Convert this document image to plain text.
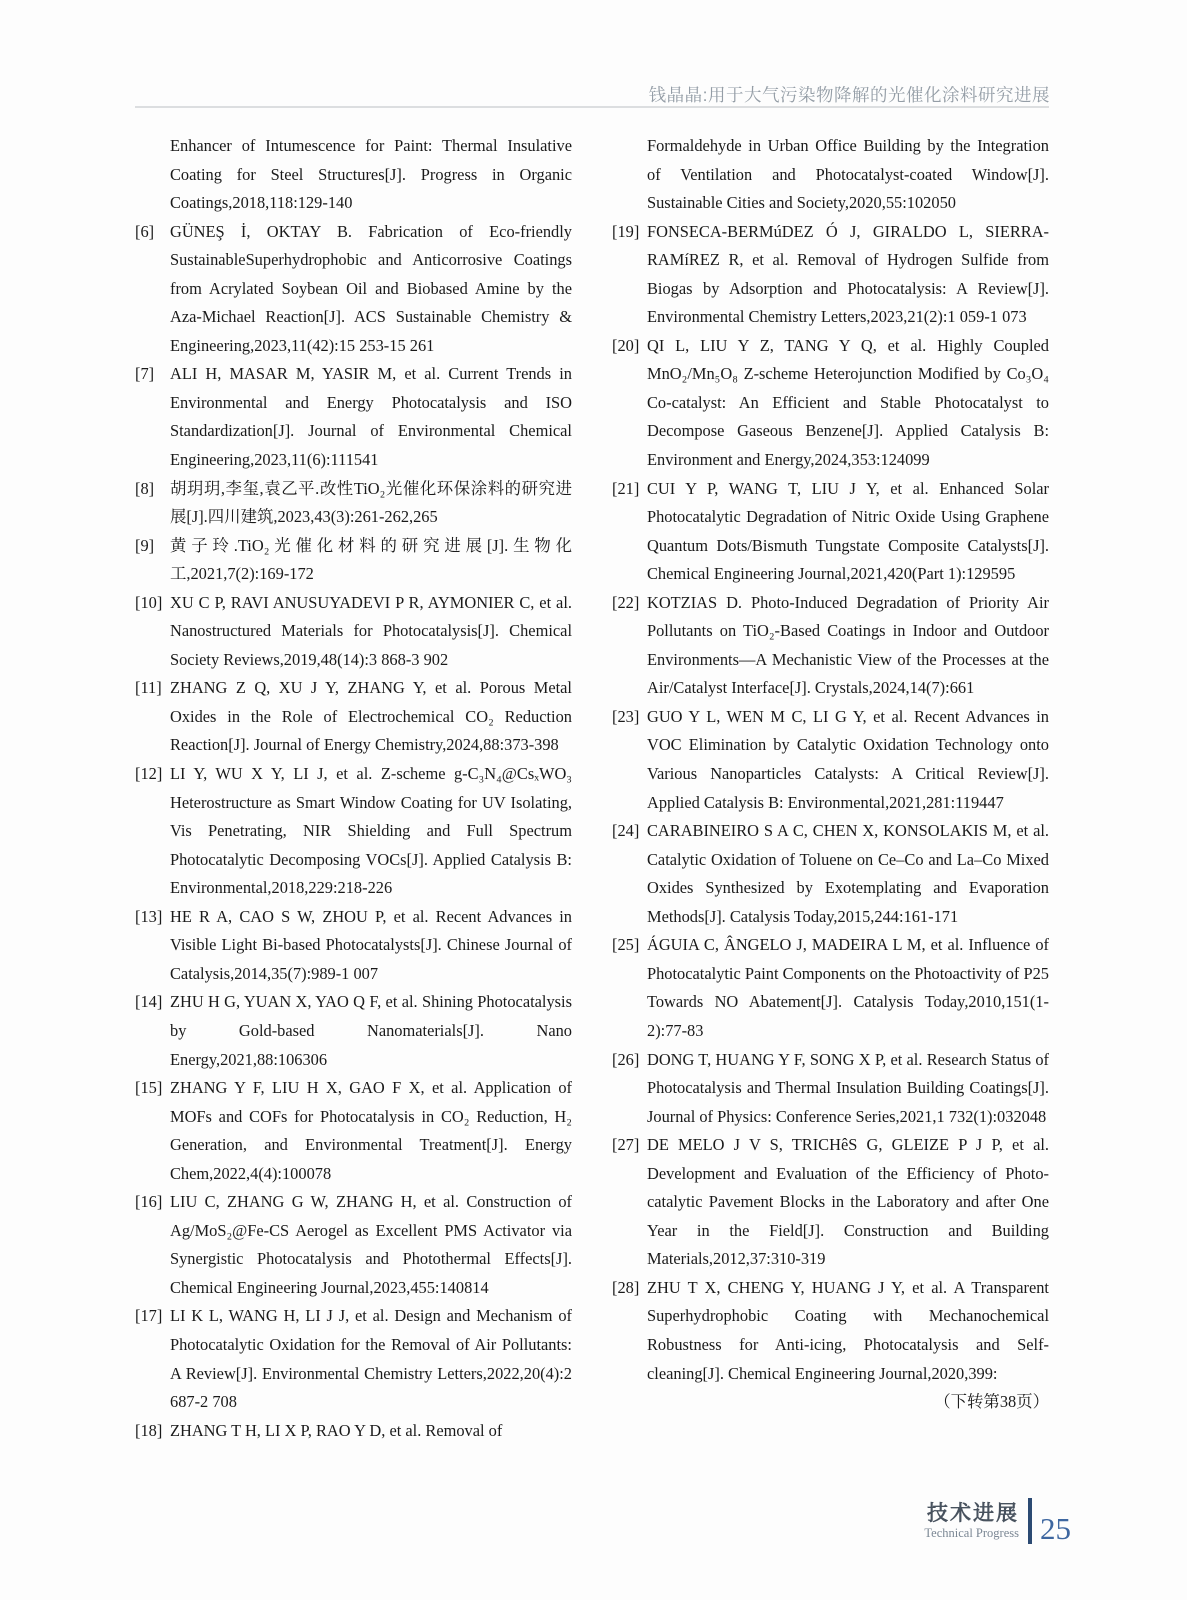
钱晶晶:用于大气污染物降解的光催化涂料研究进展
Enhancer of Intumescence for Paint: Thermal Insulative Coating for Steel Structures[J]. Progress in Organic Coatings,2018,118:129-140
[6] GÜNEŞ İ, OKTAY B. Fabrication of Eco-friendly SustainableSuperhydrophobic and Anticorrosive Coatings from Acrylated Soybean Oil and Biobased Amine by the Aza-Michael Reaction[J]. ACS Sustainable Chemistry & Engineering,2023,11(42):15 253-15 261
[7] ALI H, MASAR M, YASIR M, et al. Current Trends in Environmental and Energy Photocatalysis and ISO Standardization[J]. Journal of Environmental Chemical Engineering,2023,11(6):111541
[8] 胡玥玥,李玺,袁乙平.改性TiO₂光催化环保涂料的研究进展[J].四川建筑,2023,43(3):261-262,265
[9] 黄子玲.TiO₂光催化材料的研究进展[J].生物化工,2021,7(2):169-172
[10] XU C P, RAVI ANUSUYADEVI P R, AYMONIER C, et al. Nanostructured Materials for Photocatalysis[J]. Chemical Society Reviews,2019,48(14):3 868-3 902
[11] ZHANG Z Q, XU J Y, ZHANG Y, et al. Porous Metal Oxides in the Role of Electrochemical CO₂ Reduction Reaction[J]. Journal of Energy Chemistry,2024,88:373-398
[12] LI Y, WU X Y, LI J, et al. Z-scheme g-C₃N₄@CsₓWO₃ Heterostructure as Smart Window Coating for UV Isolating, Vis Penetrating, NIR Shielding and Full Spectrum Photocatalytic Decomposing VOCs[J]. Applied Catalysis B: Environmental,2018,229:218-226
[13] HE R A, CAO S W, ZHOU P, et al. Recent Advances in Visible Light Bi-based Photocatalysts[J]. Chinese Journal of Catalysis,2014,35(7):989-1 007
[14] ZHU H G, YUAN X, YAO Q F, et al. Shining Photocatalysis by Gold-based Nanomaterials[J]. Nano Energy,2021,88:106306
[15] ZHANG Y F, LIU H X, GAO F X, et al. Application of MOFs and COFs for Photocatalysis in CO₂ Reduction, H₂ Generation, and Environmental Treatment[J]. Energy Chem,2022,4(4):100078
[16] LIU C, ZHANG G W, ZHANG H, et al. Construction of Ag/MoS₂@Fe-CS Aerogel as Excellent PMS Activator via Synergistic Photocatalysis and Photothermal Effects[J]. Chemical Engineering Journal,2023,455:140814
[17] LI K L, WANG H, LI J J, et al. Design and Mechanism of Photocatalytic Oxidation for the Removal of Air Pollutants: A Review[J]. Environmental Chemistry Letters,2022,20(4):2 687-2 708
[18] ZHANG T H, LI X P, RAO Y D, et al. Removal of
Formaldehyde in Urban Office Building by the Integration of Ventilation and Photocatalyst-coated Window[J]. Sustainable Cities and Society,2020,55:102050
[19] FONSECA-BERMúDEZ Ó J, GIRALDO L, SIERRA-RAMíREZ R, et al. Removal of Hydrogen Sulfide from Biogas by Adsorption and Photocatalysis: A Review[J]. Environmental Chemistry Letters,2023,21(2):1 059-1 073
[20] QI L, LIU Y Z, TANG Y Q, et al. Highly Coupled MnO₂/Mn₅O₈ Z-scheme Heterojunction Modified by Co₃O₄ Co-catalyst: An Efficient and Stable Photocatalyst to Decompose Gaseous Benzene[J]. Applied Catalysis B: Environment and Energy,2024,353:124099
[21] CUI Y P, WANG T, LIU J Y, et al. Enhanced Solar Photocatalytic Degradation of Nitric Oxide Using Graphene Quantum Dots/Bismuth Tungstate Composite Catalysts[J]. Chemical Engineering Journal,2021,420(Part 1):129595
[22] KOTZIAS D. Photo-Induced Degradation of Priority Air Pollutants on TiO₂-Based Coatings in Indoor and Outdoor Environments—A Mechanistic View of the Processes at the Air/Catalyst Interface[J]. Crystals,2024,14(7):661
[23] GUO Y L, WEN M C, LI G Y, et al. Recent Advances in VOC Elimination by Catalytic Oxidation Technology onto Various Nanoparticles Catalysts: A Critical Review[J]. Applied Catalysis B: Environmental,2021,281:119447
[24] CARABINEIRO S A C, CHEN X, KONSOLAKIS M, et al. Catalytic Oxidation of Toluene on Ce–Co and La–Co Mixed Oxides Synthesized by Exotemplating and Evaporation Methods[J]. Catalysis Today,2015,244:161-171
[25] ÁGUIA C, ÂNGELO J, MADEIRA L M, et al. Influence of Photocatalytic Paint Components on the Photoactivity of P25 Towards NO Abatement[J]. Catalysis Today,2010,151(1-2):77-83
[26] DONG T, HUANG Y F, SONG X P, et al. Research Status of Photocatalysis and Thermal Insulation Building Coatings[J]. Journal of Physics: Conference Series,2021,1 732(1):032048
[27] DE MELO J V S, TRICHêS G, GLEIZE P J P, et al. Development and Evaluation of the Efficiency of Photo-catalytic Pavement Blocks in the Laboratory and after One Year in the Field[J]. Construction and Building Materials,2012,37:310-319
[28] ZHU T X, CHENG Y, HUANG J Y, et al. A Transparent Superhydrophobic Coating with Mechanochemical Robustness for Anti-icing, Photocatalysis and Self-cleaning[J]. Chemical Engineering Journal,2020,399:
（下转第38页）
技术进展
Technical Progress 25
